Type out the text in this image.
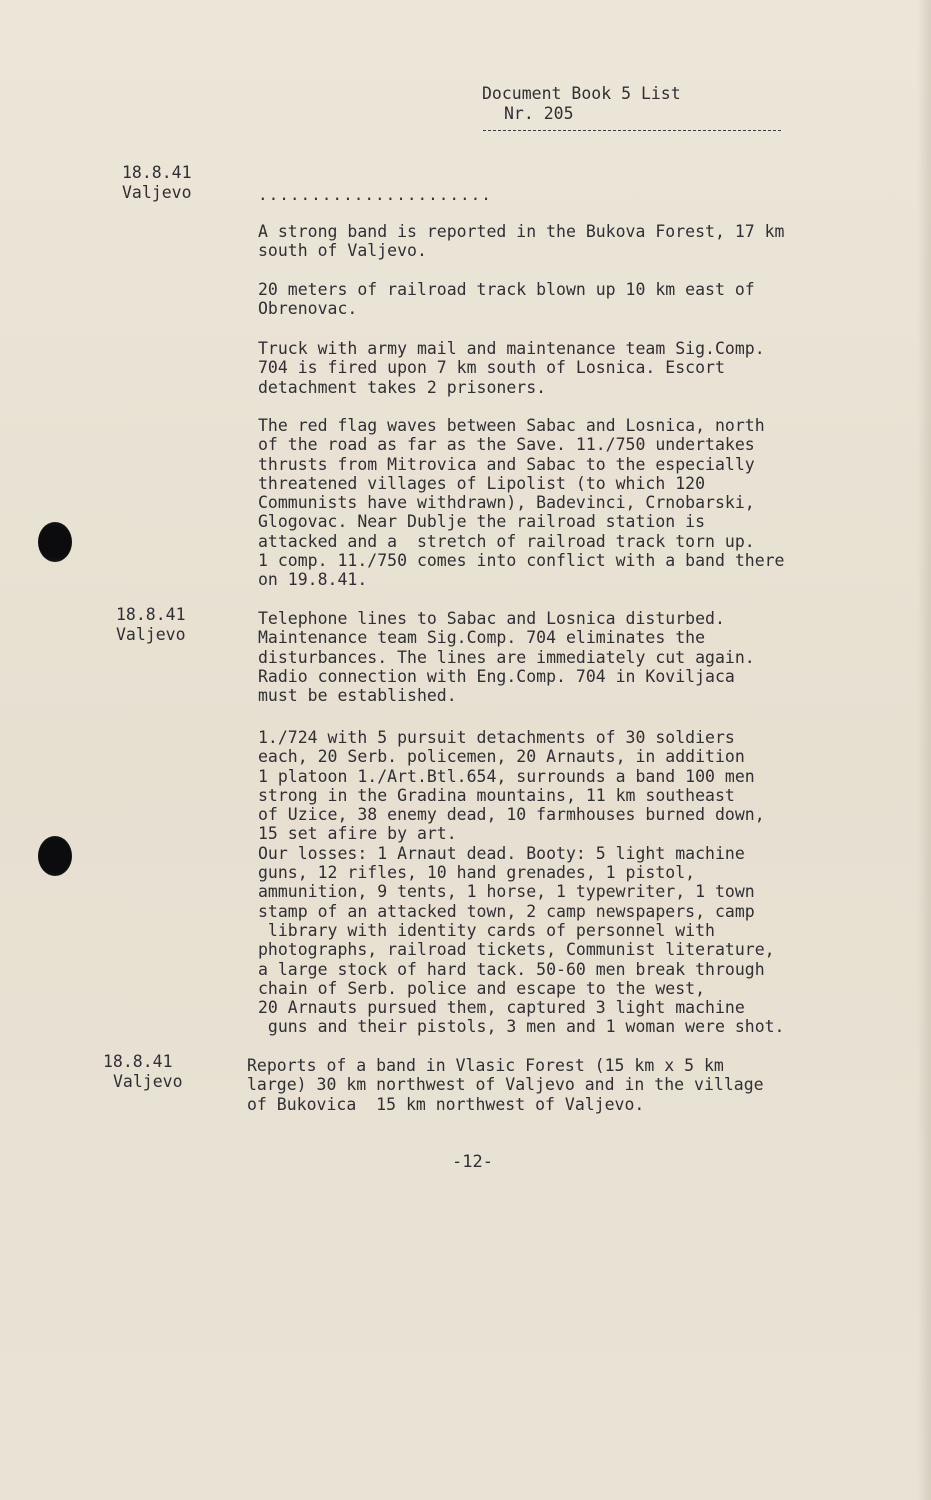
Document Book 5 List
Nr. 205
18.8.41
Valjevo
18.8.41
Valjevo
18.8.41
Valjevo
......................
A strong band is reported in the Bukova Forest, 17 km
south of Valjevo.
20 meters of railroad track blown up 10 km east of
Obrenovac.
Truck with army mail and maintenance team Sig.Comp.
704 is fired upon 7 km south of Losnica. Escort
detachment takes 2 prisoners.
The red flag waves between Sabac and Losnica, north
of the road as far as the Save. 11./750 undertakes
thrusts from Mitrovica and Sabac to the especially
threatened villages of Lipolist (to which 120
Communists have withdrawn), Badevinci, Crnobarski,
Glogovac. Near Dublje the railroad station is
attacked and a  stretch of railroad track torn up.
1 comp. 11./750 comes into conflict with a band there
on 19.8.41.
Telephone lines to Sabac and Losnica disturbed.
Maintenance team Sig.Comp. 704 eliminates the
disturbances. The lines are immediately cut again.
Radio connection with Eng.Comp. 704 in Koviljaca
must be established.
1./724 with 5 pursuit detachments of 30 soldiers
each, 20 Serb. policemen, 20 Arnauts, in addition
1 platoon 1./Art.Btl.654, surrounds a band 100 men
strong in the Gradina mountains, 11 km southeast
of Uzice, 38 enemy dead, 10 farmhouses burned down,
15 set afire by art.
Our losses: 1 Arnaut dead. Booty: 5 light machine
guns, 12 rifles, 10 hand grenades, 1 pistol,
ammunition, 9 tents, 1 horse, 1 typewriter, 1 town
stamp of an attacked town, 2 camp newspapers, camp
library with identity cards of personnel with
photographs, railroad tickets, Communist literature,
a large stock of hard tack. 50-60 men break through
chain of Serb. police and escape to the west,
20 Arnauts pursued them, captured 3 light machine
guns and their pistols, 3 men and 1 woman were shot.
Reports of a band in Vlasic Forest (15 km x 5 km
large) 30 km northwest of Valjevo and in the village
of Bukovica  15 km northwest of Valjevo.
-12-
